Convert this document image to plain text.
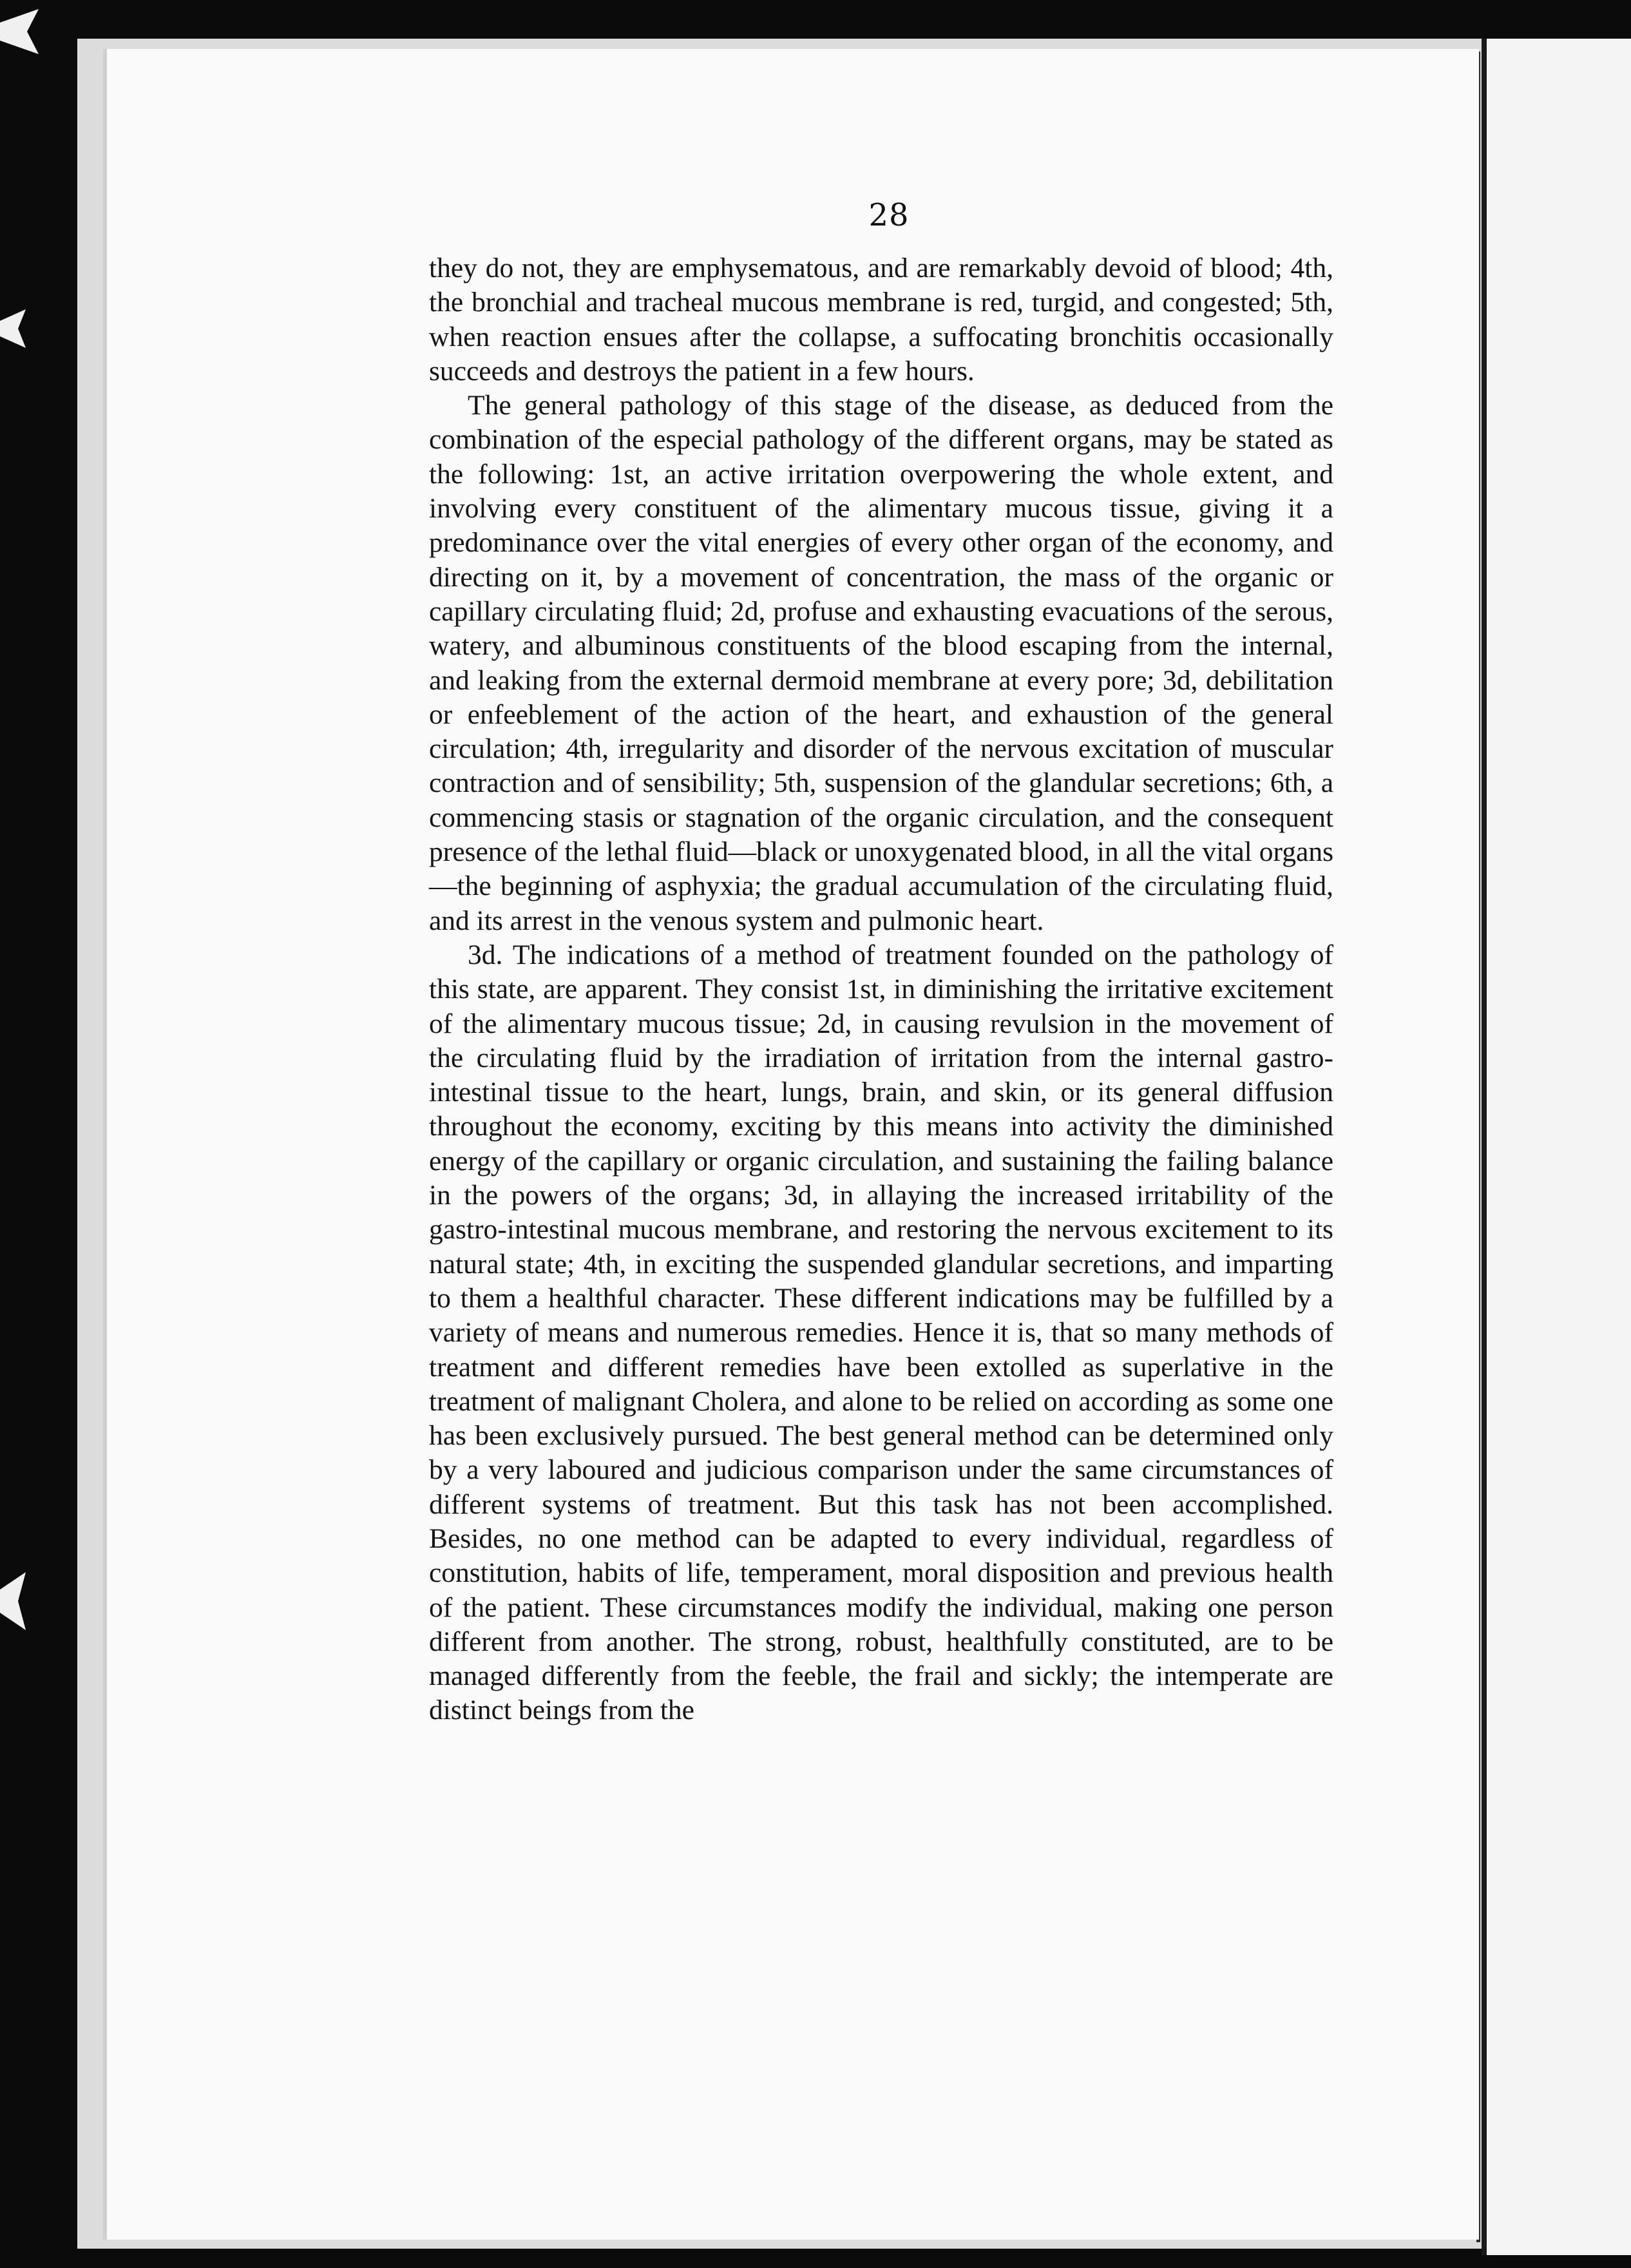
28

they do not, they are emphysematous, and are remarkably devoid of blood; 4th, the bronchial and tracheal mucous membrane is red, turgid, and congested; 5th, when reaction ensues after the collapse, a suffocating bronchitis occasionally succeeds and destroys the patient in a few hours.

The general pathology of this stage of the disease, as deduced from the combination of the especial pathology of the different organs, may be stated as the following: 1st, an active irritation overpowering the whole extent, and involving every constituent of the alimentary mucous tissue, giving it a predominance over the vital energies of every other organ of the economy, and directing on it, by a movement of concentration, the mass of the organic or capillary circulating fluid; 2d, profuse and exhausting evacuations of the serous, watery, and albuminous constituents of the blood escaping from the internal, and leaking from the external dermoid membrane at every pore; 3d, debilitation or enfeeblement of the action of the heart, and exhaustion of the general circulation; 4th, irregularity and disorder of the nervous excitation of muscular contraction and of sensibility; 5th, suspension of the glandular secretions; 6th, a commencing stasis or stagnation of the organic circulation, and the consequent presence of the lethal fluid—black or unoxygenated blood, in all the vital organs—the beginning of asphyxia; the gradual accumulation of the circulating fluid, and its arrest in the venous system and pulmonic heart.

3d. The indications of a method of treatment founded on the pathology of this state, are apparent. They consist 1st, in diminishing the irritative excitement of the alimentary mucous tissue; 2d, in causing revulsion in the movement of the circulating fluid by the irradiation of irritation from the internal gastro-intestinal tissue to the heart, lungs, brain, and skin, or its general diffusion throughout the economy, exciting by this means into activity the diminished energy of the capillary or organic circulation, and sustaining the failing balance in the powers of the organs; 3d, in allaying the increased irritability of the gastro-intestinal mucous membrane, and restoring the nervous excitement to its natural state; 4th, in exciting the suspended glandular secretions, and imparting to them a healthful character. These different indications may be fulfilled by a variety of means and numerous remedies. Hence it is, that so many methods of treatment and different remedies have been extolled as superlative in the treatment of malignant Cholera, and alone to be relied on according as some one has been exclusively pursued. The best general method can be determined only by a very laboured and judicious comparison under the same circumstances of different systems of treatment. But this task has not been accomplished. Besides, no one method can be adapted to every individual, regardless of constitution, habits of life, temperament, moral disposition and previous health of the patient. These circumstances modify the individual, making one person different from another. The strong, robust, healthfully constituted, are to be managed differently from the feeble, the frail and sickly; the intemperate are distinct beings from the
